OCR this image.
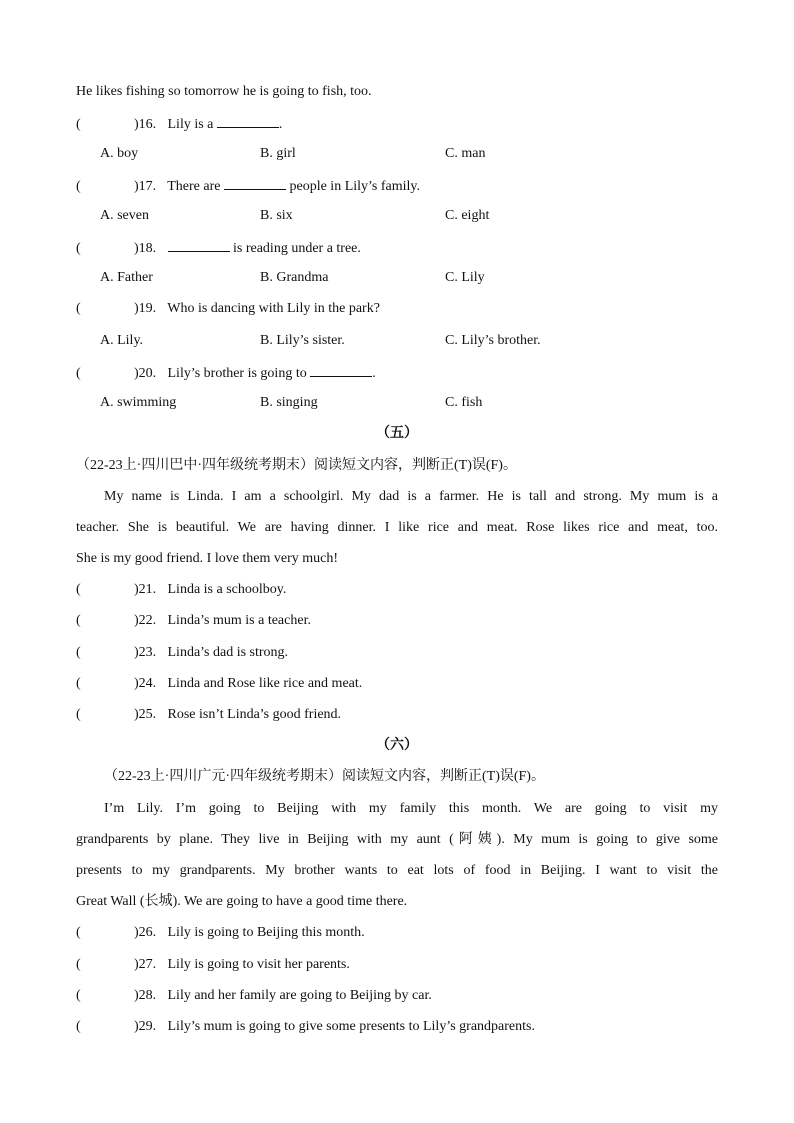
He likes fishing so tomorrow he is going to fish, too.
(	)16. Lily is a	.
A. boy	B. girl	C. man
(	)17. There are	people in Lily’s family.
A. seven	B. six	C. eight
(	)18.	is reading under a tree.
A. Father	B. Grandma	C. Lily
(	)19. Who is dancing with Lily in the park?
A. Lily.	B. Lily’s sister.	C. Lily’s brother.
(	)20. Lily’s brother is going to	.
A. swimming	B. singing	C. fish
（五）
（22-23上·四川巴中·四年级统考期末）阅读短文内容，判断正(T)误(F)。
My name is Linda. I am a schoolgirl. My dad is a farmer. He is tall and strong. My mum is a
teacher. She is beautiful. We are having dinner. I like rice and meat. Rose likes rice and meat, too.
She is my good friend. I love them very much!
(	)21. Linda is a schoolboy.
(	)22. Linda’s mum is a teacher.
(	)23. Linda’s dad is strong.
(	)24. Linda and Rose like rice and meat.
(	)25. Rose isn’t Linda’s good friend.
（六）
（22-23上·四川广元·四年级统考期末）阅读短文内容，判断正(T)误(F)。
I’m Lily. I’m going to Beijing with my family this month. We are going to visit my
grandparents by plane. They live in Beijing with my aunt (阿姨). My mum is going to give some
presents to my grandparents. My brother wants to eat lots of food in Beijing. I want to visit the
Great Wall (长城). We are going to have a good time there.
(	)26. Lily is going to Beijing this month.
(	)27. Lily is going to visit her parents.
(	)28. Lily and her family are going to Beijing by car.
(	)29. Lily’s mum is going to give some presents to Lily’s grandparents.
